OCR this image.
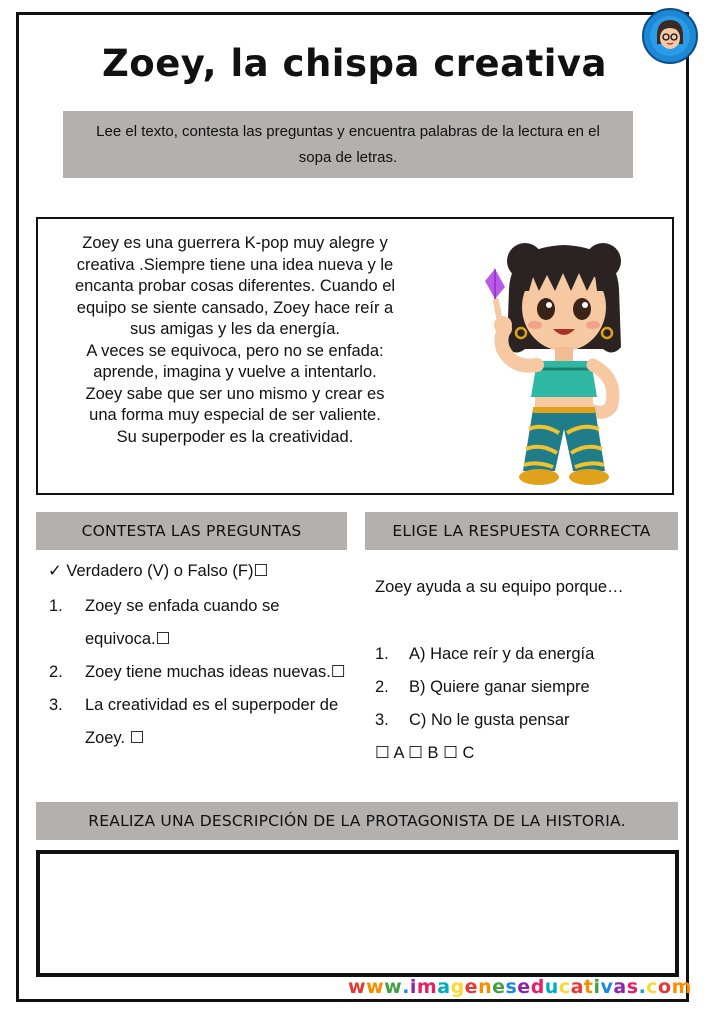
Zoey, la chispa creativa
Lee el texto, contesta las preguntas y encuentra palabras de la lectura en el sopa de letras.

Zoey es una guerrera K-pop muy alegre y
creativa .Siempre tiene una idea nueva y le
encanta probar cosas diferentes. Cuando el
equipo se siente cansado, Zoey hace reír a
sus amigas y les da energía.
A veces se equivoca, pero no se enfada:
aprende, imagina y vuelve a intentarlo.
Zoey sabe que ser uno mismo y crear es
una forma muy especial de ser valiente.
Su superpoder es la creatividad.

CONTESTA LAS PREGUNTAS	ELIGE LA RESPUESTA CORRECTA
✓ Verdadero (V) o Falso (F)☐
1.	Zoey se enfada cuando se equivoca.☐
2.	Zoey tiene muchas ideas nuevas.☐
3.	La creatividad es el superpoder de Zoey. ☐
Zoey ayuda a su equipo porque…
1.	A) Hace reír y da energía
2.	B) Quiere ganar siempre
3.	C) No le gusta pensar
☐ A ☐ B ☐ C
REALIZA UNA DESCRIPCIÓN DE LA PROTAGONISTA DE LA HISTORIA.
www.imageneseducativas.com
